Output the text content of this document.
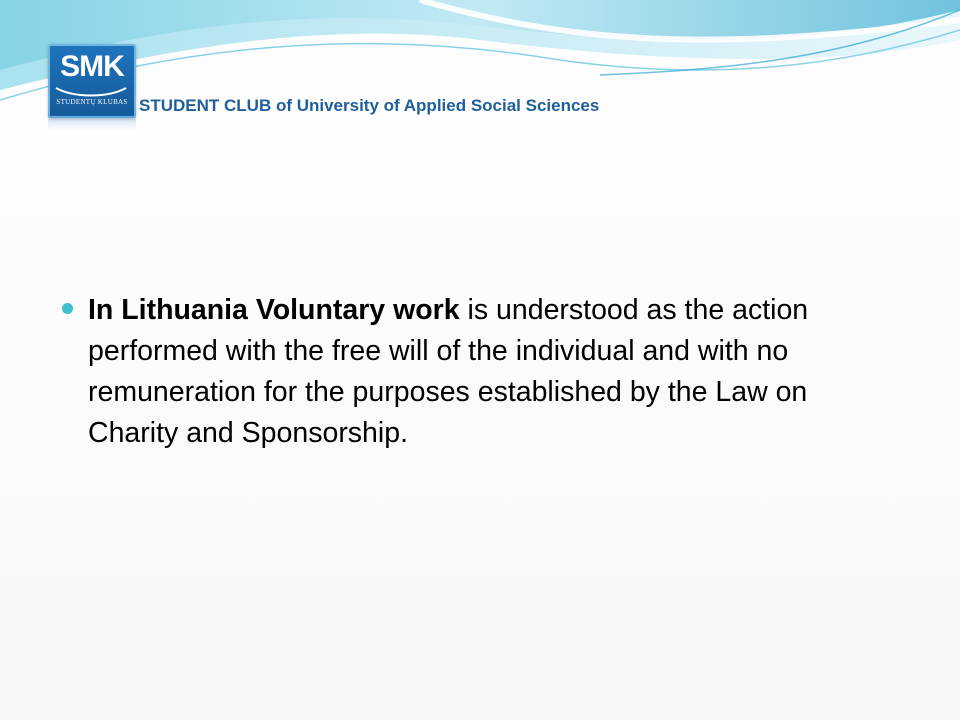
SMK
STUDENTŲ KLUBAS STUDENT CLUB of University of Applied Social Sciences

In Lithuania Voluntary work is understood as the action performed with the free will of the individual and with no remuneration for the purposes established by the Law on Charity and Sponsorship.
